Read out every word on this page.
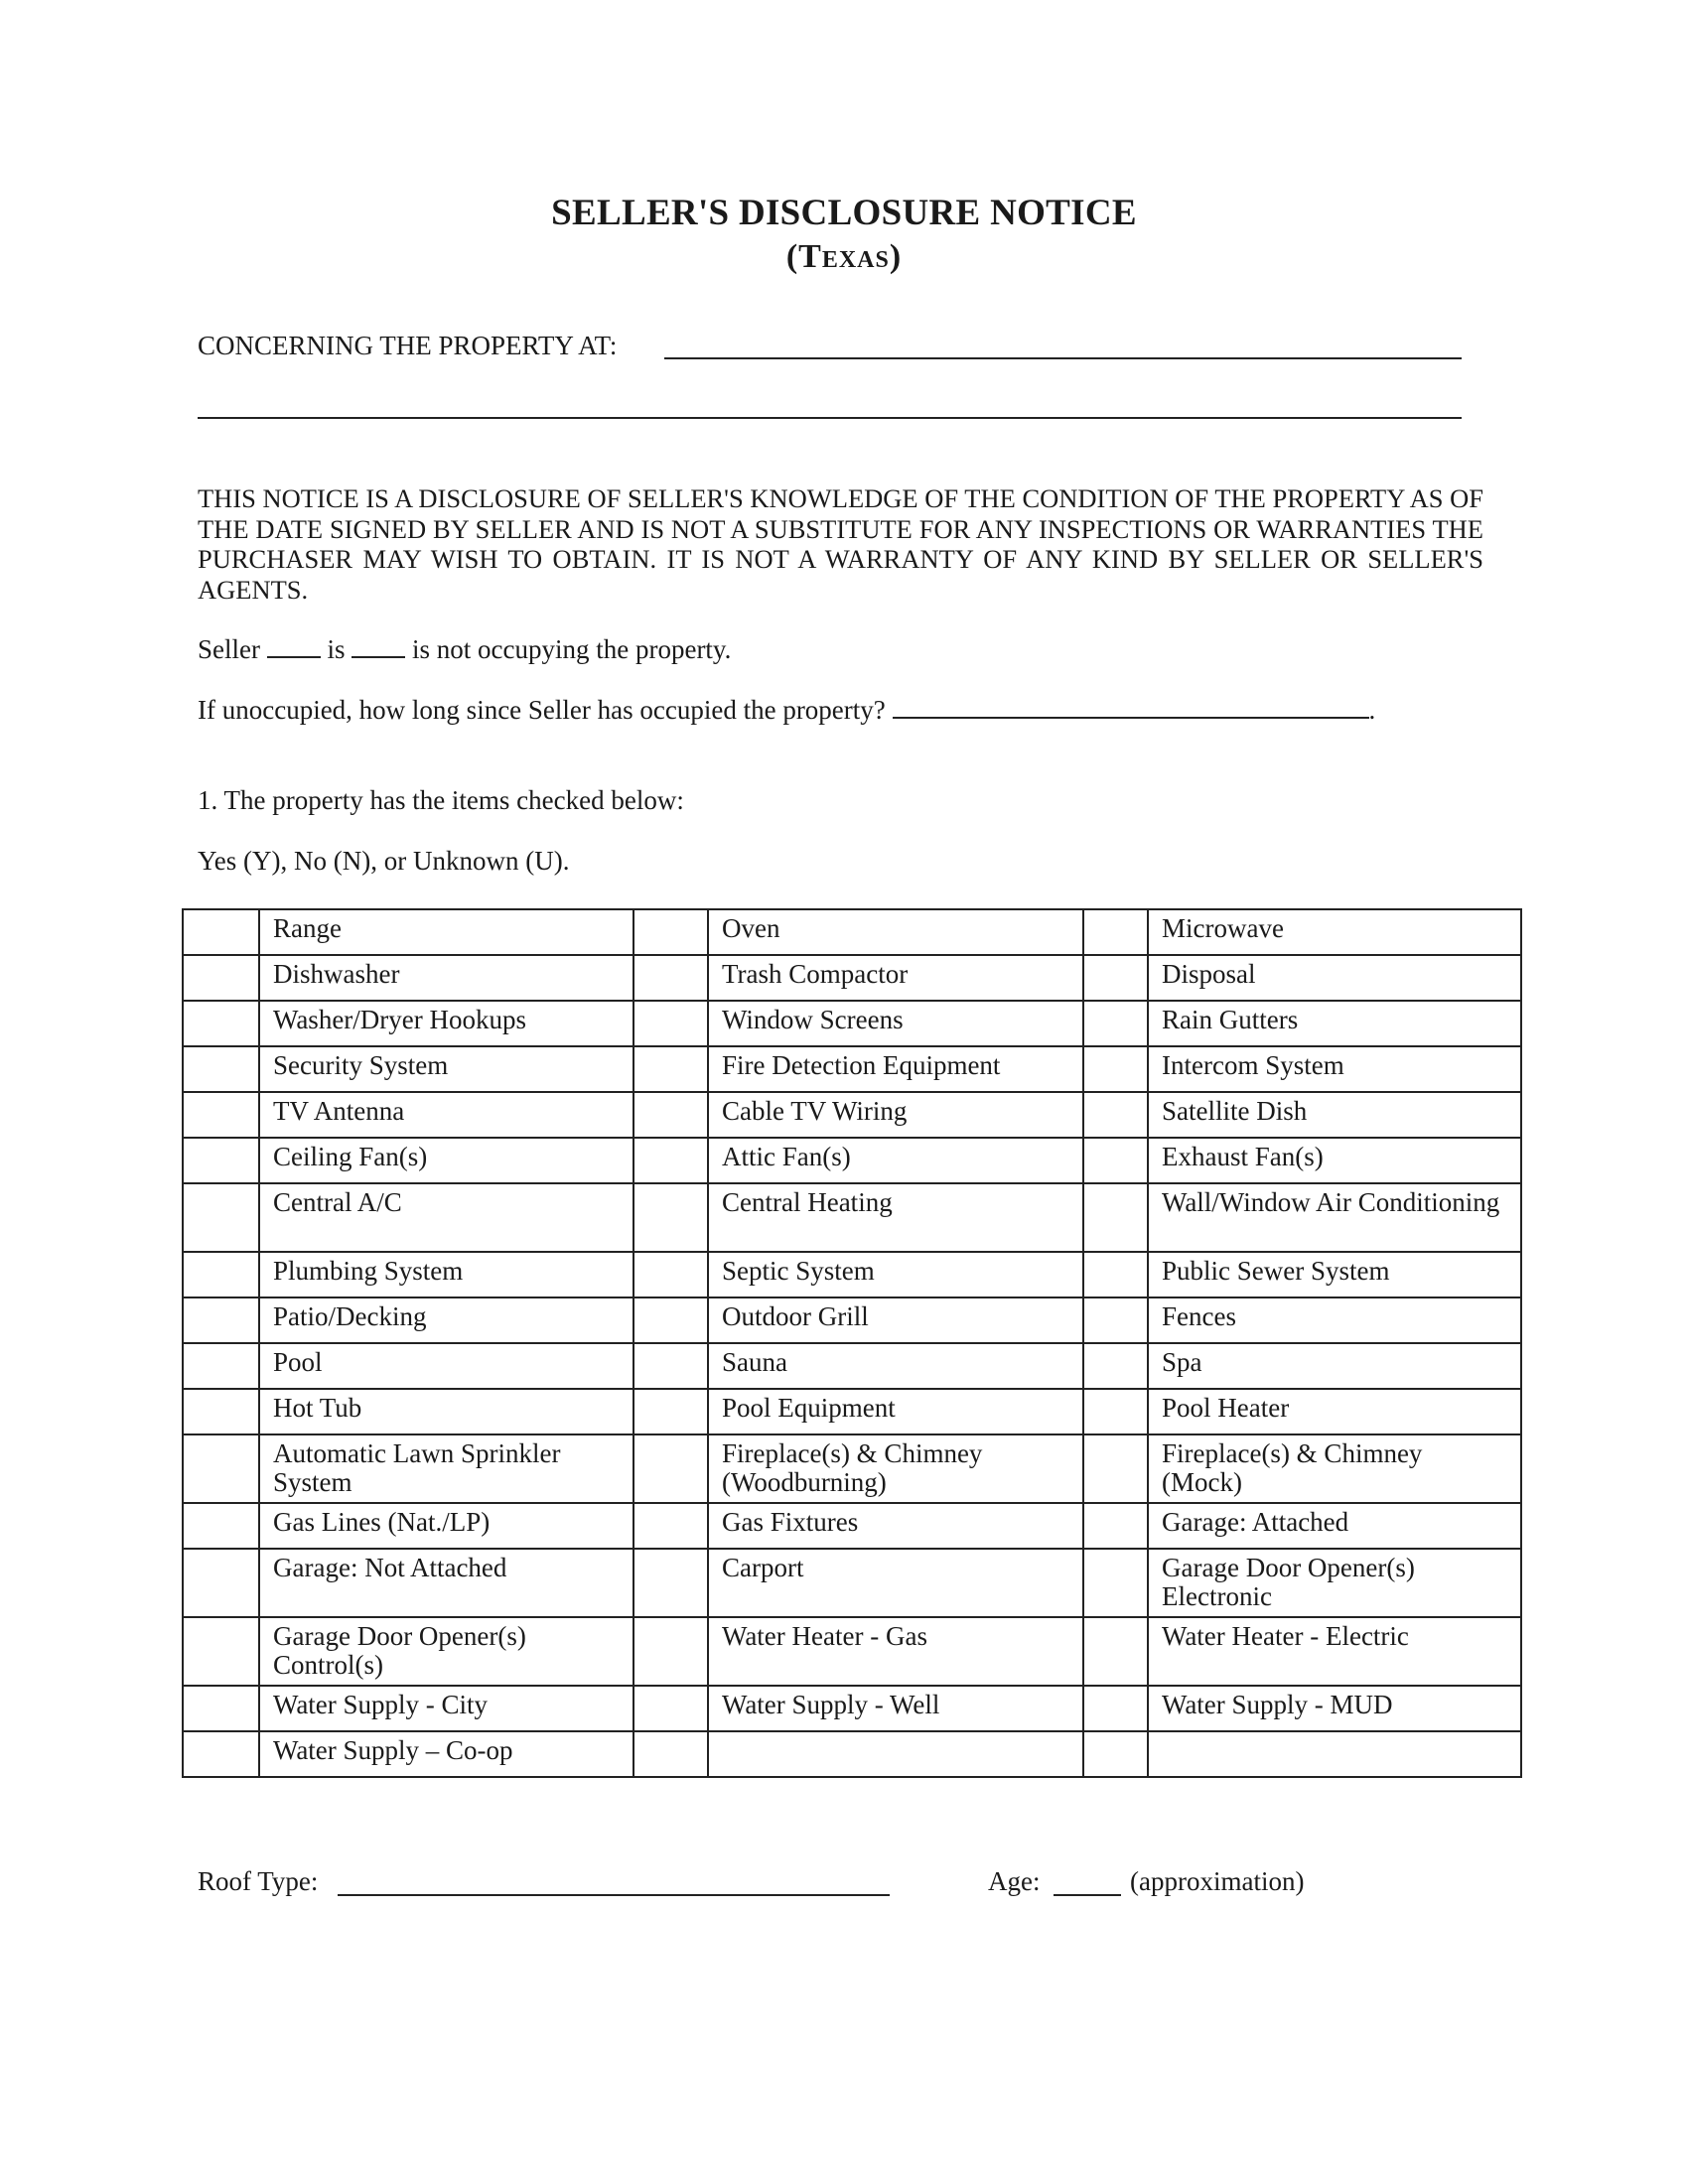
SELLER'S DISCLOSURE NOTICE
(Texas)
CONCERNING THE PROPERTY AT:
THIS NOTICE IS A DISCLOSURE OF SELLER'S KNOWLEDGE OF THE CONDITION OF THE PROPERTY AS OF THE DATE SIGNED BY SELLER AND IS NOT A SUBSTITUTE FOR ANY INSPECTIONS OR WARRANTIES THE PURCHASER MAY WISH TO OBTAIN. IT IS NOT A WARRANTY OF ANY KIND BY SELLER OR SELLER'S AGENTS.
Seller	is	is not occupying the property.
If unoccupied, how long since Seller has occupied the property?	.
1. The property has the items checked below:
Yes (Y), No (N), or Unknown (U).
	Range		Oven		Microwave
	Dishwasher		Trash Compactor		Disposal
	Washer/Dryer Hookups		Window Screens		Rain Gutters
	Security System		Fire Detection Equipment		Intercom System
	TV Antenna		Cable TV Wiring		Satellite Dish
	Ceiling Fan(s)		Attic Fan(s)		Exhaust Fan(s)
	Central A/C		Central Heating		Wall/Window Air Conditioning
	Plumbing System		Septic System		Public Sewer System
	Patio/Decking		Outdoor Grill		Fences
	Pool		Sauna		Spa
	Hot Tub		Pool Equipment		Pool Heater
	Automatic Lawn Sprinkler System		Fireplace(s) & Chimney (Woodburning)		Fireplace(s) & Chimney (Mock)
	Gas Lines (Nat./LP)		Gas Fixtures		Garage: Attached
	Garage: Not Attached		Carport		Garage Door Opener(s) Electronic
	Garage Door Opener(s) Control(s)		Water Heater - Gas		Water Heater - Electric
	Water Supply - City		Water Supply - Well		Water Supply - MUD
	Water Supply – Co-op				
Roof Type:	Age:	(approximation)
